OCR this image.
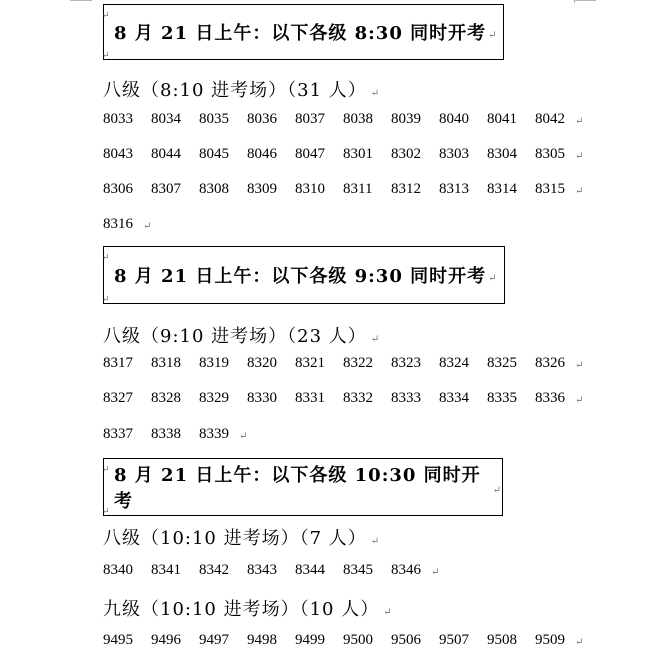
↵
8 月 21 日上午：以下各级 8:30 同时开考 ↵
↵
八级（8:10 进考场）（31 人） ↵
8033 8034 8035 8036 8037 8038 8039 8040 8041 8042 ↵
8043 8044 8045 8046 8047 8301 8302 8303 8304 8305 ↵
8306 8307 8308 8309 8310 8311 8312 8313 8314 8315 ↵
8316 ↵
↵
8 月 21 日上午：以下各级 9:30 同时开考 ↵
↵
八级（9:10 进考场）（23 人） ↵
8317 8318 8319 8320 8321 8322 8323 8324 8325 8326 ↵
8327 8328 8329 8330 8331 8332 8333 8334 8335 8336 ↵
8337 8338 8339 ↵
↵ 8 月 21 日上午：以下各级 10:30 同时开考
↵
↵
八级（10:10 进考场）（7 人） ↵
8340 8341 8342 8343 8344 8345 8346 ↵
九级（10:10 进考场）（10 人） ↵
9495 9496 9497 9498 9499 9500 9506 9507 9508 9509 ↵
